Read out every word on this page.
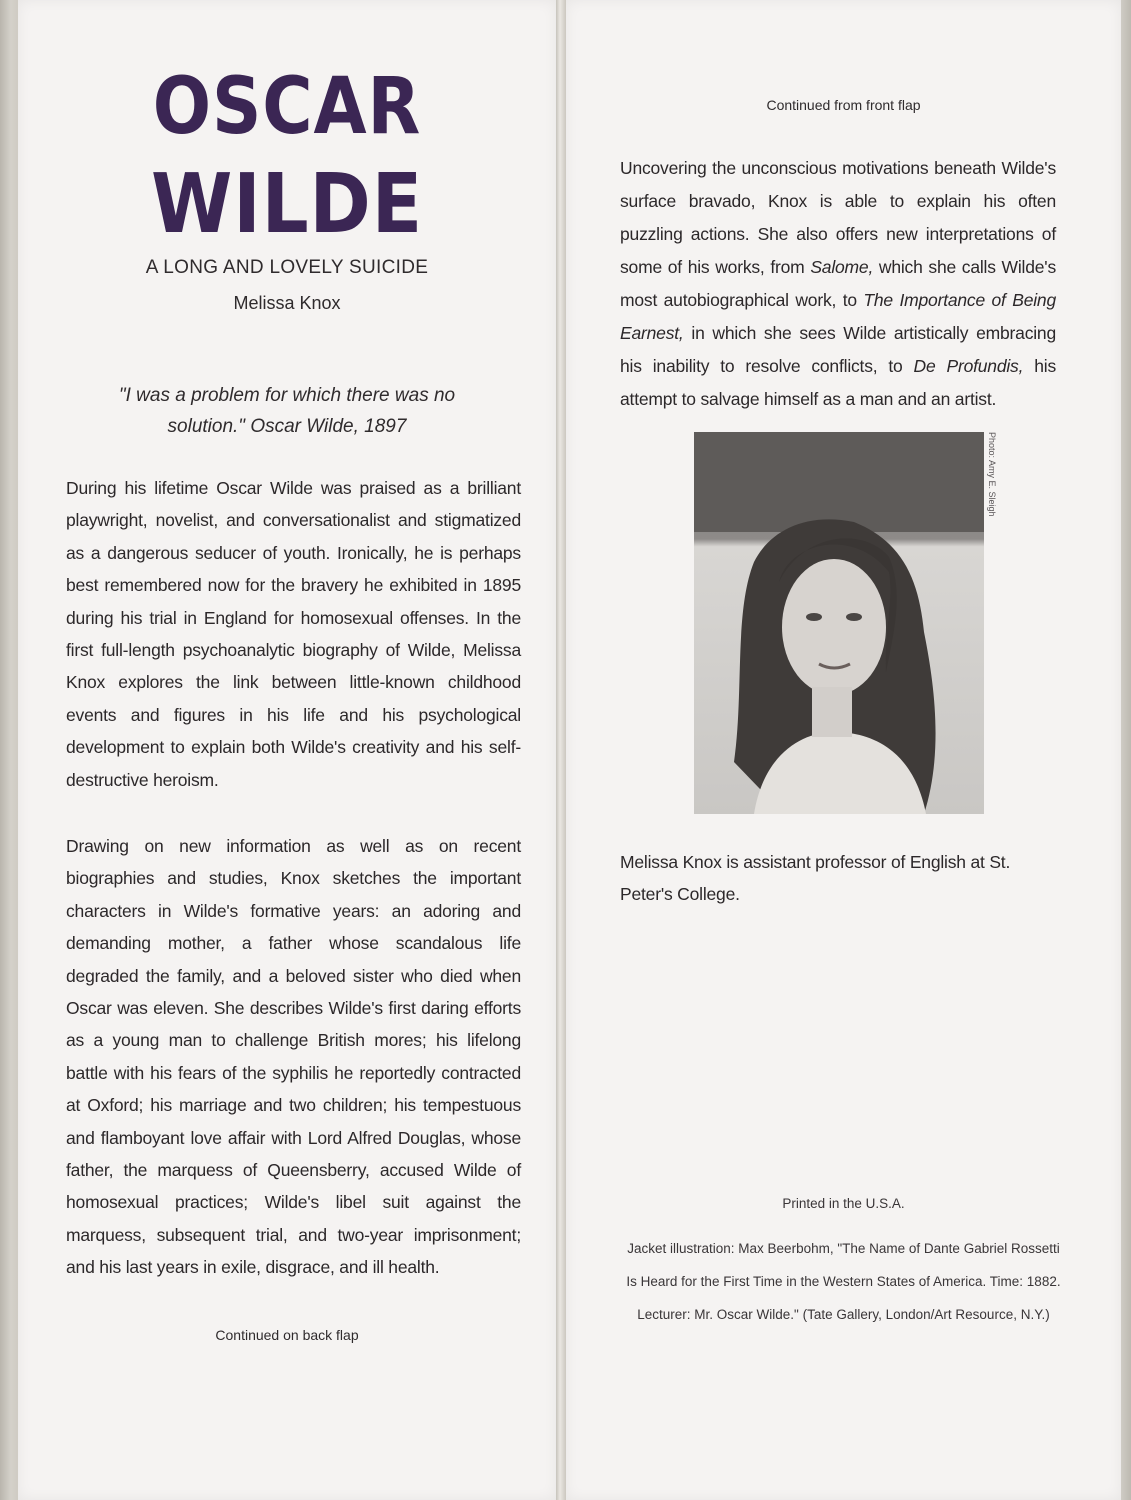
OSCAR

WILDE

A LONG AND LOVELY SUICIDE

Melissa Knox

"I was a problem for which there was no solution." Oscar Wilde, 1897

During his lifetime Oscar Wilde was praised as a brilliant playwright, novelist, and conversationalist and stigmatized as a dangerous seducer of youth. Ironically, he is perhaps best remembered now for the bravery he exhibited in 1895 during his trial in England for homosexual offenses. In the first full-length psychoanalytic biography of Wilde, Melissa Knox explores the link between little-known childhood events and figures in his life and his psychological development to explain both Wilde's creativity and his self-destructive heroism.

Drawing on new information as well as on recent biographies and studies, Knox sketches the important characters in Wilde's formative years: an adoring and demanding mother, a father whose scandalous life degraded the family, and a beloved sister who died when Oscar was eleven. She describes Wilde's first daring efforts as a young man to challenge British mores; his lifelong battle with his fears of the syphilis he reportedly contracted at Oxford; his marriage and two children; his tempestuous and flamboyant love affair with Lord Alfred Douglas, whose father, the marquess of Queensberry, accused Wilde of homosexual practices; Wilde's libel suit against the marquess, subsequent trial, and two-year imprisonment; and his last years in exile, disgrace, and ill health.

Continued on back flap

Continued from front flap

Uncovering the unconscious motivations beneath Wilde's surface bravado, Knox is able to explain his often puzzling actions. She also offers new interpretations of some of his works, from Salome, which she calls Wilde's most autobiographical work, to The Importance of Being Earnest, in which she sees Wilde artistically embracing his inability to resolve conflicts, to De Profundis, his attempt to salvage himself as a man and an artist.

Photo: Amy E. Sleigh

Melissa Knox is assistant professor of English at St. Peter's College.

Printed in the U.S.A.

Jacket illustration: Max Beerbohm, "The Name of Dante Gabriel Rossetti Is Heard for the First Time in the Western States of America. Time: 1882. Lecturer: Mr. Oscar Wilde." (Tate Gallery, London/Art Resource, N.Y.)
